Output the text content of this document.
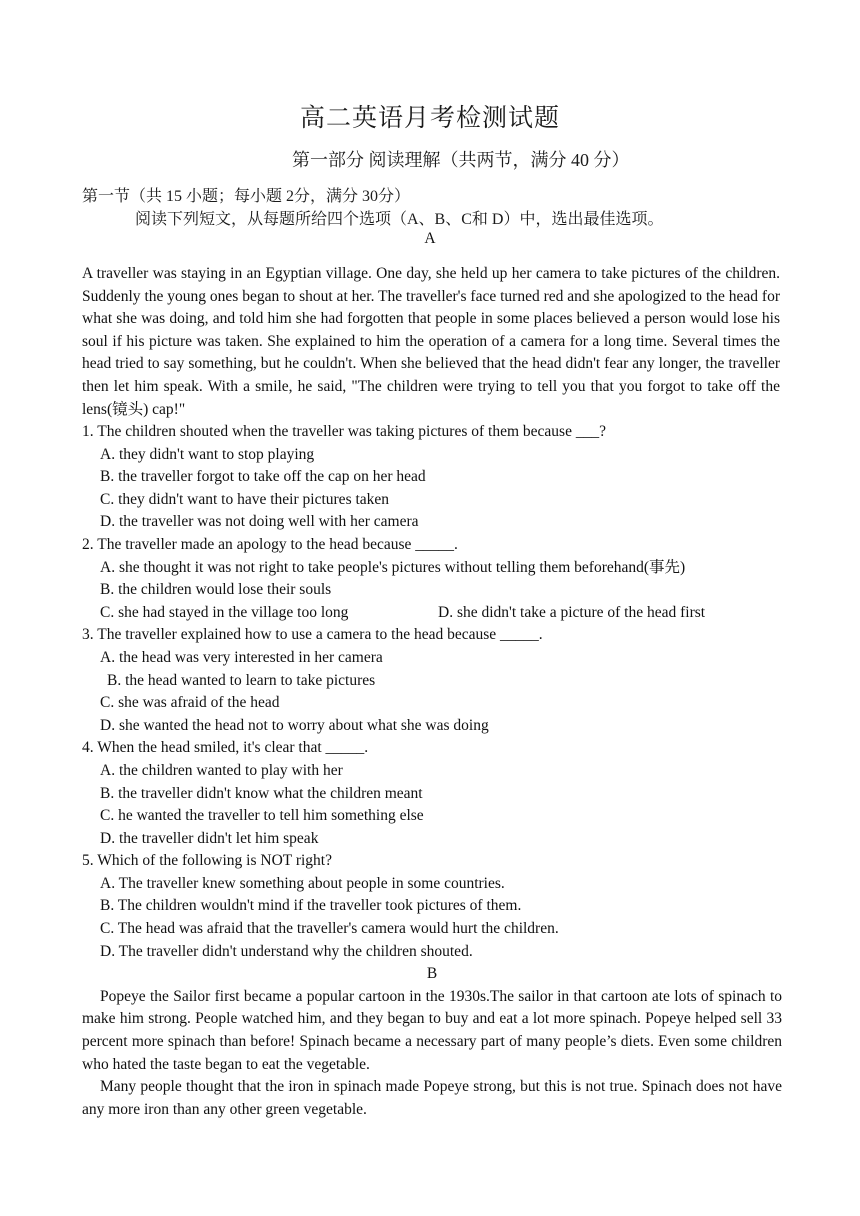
高二英语月考检测试题
第一部分 阅读理解（共两节，满分 40 分）
第一节（共 15 小题；每小题 2分，满分 30分）
阅读下列短文，从每题所给四个选项（A、B、C和 D）中，选出最佳选项。
A
A traveller was staying in an Egyptian village. One day, she held up her camera to take pictures of the children. Suddenly the young ones began to shout at her. The traveller's face turned red and she apologized to the head for what she was doing, and told him she had forgotten that people in some places believed a person would lose his soul if his picture was taken. She explained to him the operation of a camera for a long time. Several times the head tried to say something, but he couldn't. When she believed that the head didn't fear any longer, the traveller then let him speak. With a smile, he said, "The children were trying to tell you that you forgot to take off the lens(镜头) cap!"

1. The children shouted when the traveller was taking pictures of them because ___?

A. they didn't want to stop playing

B. the traveller forgot to take off the cap on her head

C. they didn't want to have their pictures taken

D. the traveller was not doing well with her camera

2. The traveller made an apology to the head because _____.

A. she thought it was not right to take people's pictures without telling them beforehand(事先)

B. the children would lose their souls

C. she had stayed in the village too long	D. she didn't take a picture of the head first

3. The traveller explained how to use a camera to the head because _____.

A. the head was very interested in her camera

B. the head wanted to learn to take pictures

C. she was afraid of the head

D. she wanted the head not to worry about what she was doing

4. When the head smiled, it's clear that _____.

A. the children wanted to play with her

B. the traveller didn't know what the children meant

C. he wanted the traveller to tell him something else

D. the traveller didn't let him speak

5. Which of the following is NOT right?

A. The traveller knew something about people in some countries.

B. The children wouldn't mind if the traveller took pictures of them.

C. The head was afraid that the traveller's camera would hurt the children.

D. The traveller didn't understand why the children shouted.

B

Popeye the Sailor first became a popular cartoon in the 1930s.The sailor in that cartoon ate lots of spinach to make him strong. People watched him, and they began to buy and eat a lot more spinach. Popeye helped sell 33 percent more spinach than before! Spinach became a necessary part of many people’s diets. Even some children who hated the taste began to eat the vegetable.

Many people thought that the iron in spinach made Popeye strong, but this is not true. Spinach does not have any more iron than any other green vegetable.
